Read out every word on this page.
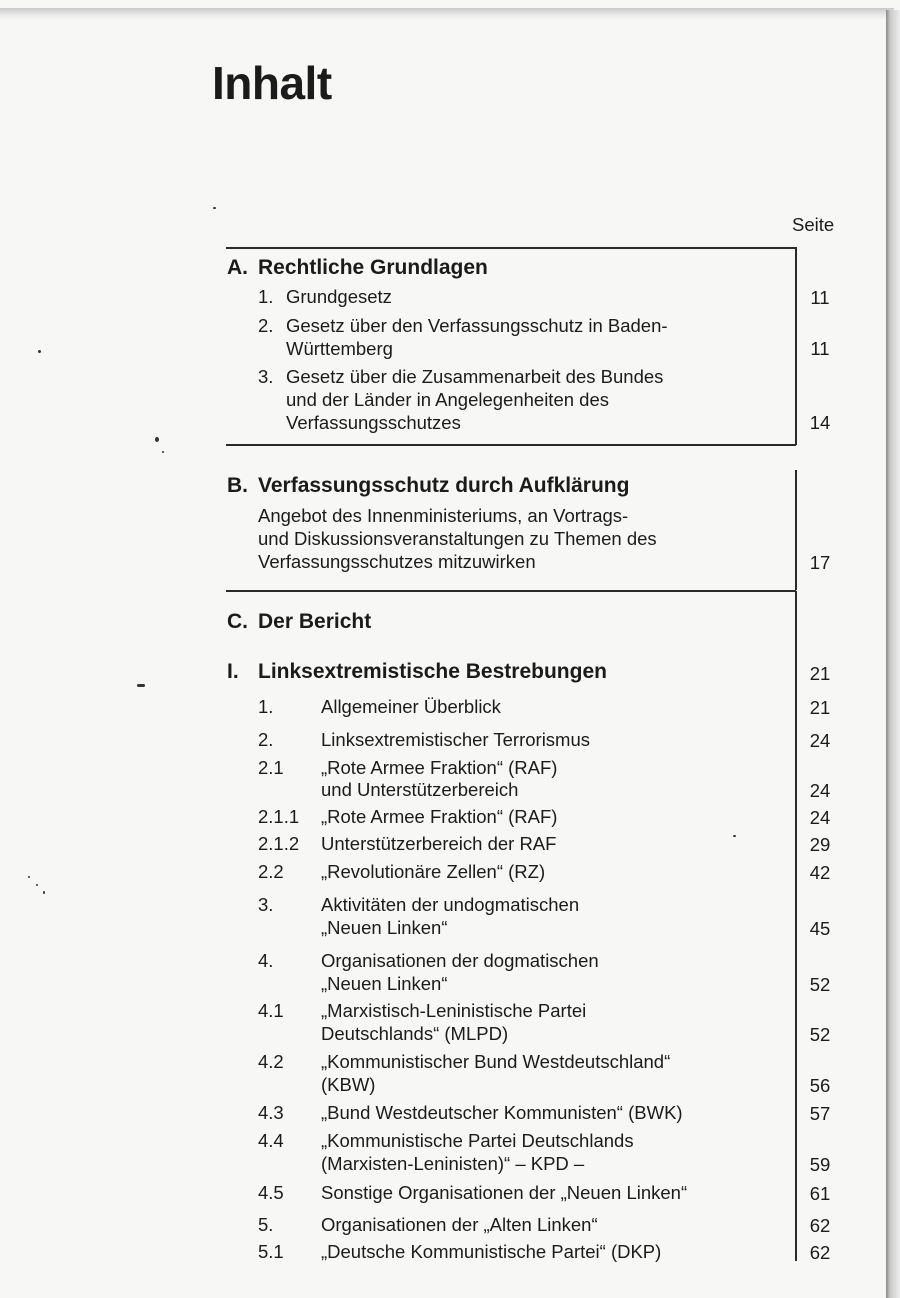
Inhalt
Seite
A. Rechtliche Grundlagen
1. Grundgesetz	11
2. Gesetz über den Verfassungsschutz in Baden-
Württemberg	11
3. Gesetz über die Zusammenarbeit des Bundes
und der Länder in Angelegenheiten des
Verfassungsschutzes	14
B. Verfassungsschutz durch Aufklärung
Angebot des Innenministeriums, an Vortrags-
und Diskussionsveranstaltungen zu Themen des
Verfassungsschutzes mitzuwirken	17
C. Der Bericht
I. Linksextremistische Bestrebungen	21
1.	Allgemeiner Überblick	21
2.	Linksextremistischer Terrorismus	24
2.1 „Rote Armee Fraktion“ (RAF)
und Unterstützerbereich	24
2.1.1 „Rote Armee Fraktion“ (RAF)	24
2.1.2 Unterstützerbereich der RAF	29
2.2 „Revolutionäre Zellen“ (RZ)	42
3.	Aktivitäten der undogmatischen
„Neuen Linken“	45
4.	Organisationen der dogmatischen
„Neuen Linken“	52
4.1 „Marxistisch-Leninistische Partei
Deutschlands“ (MLPD)	52
4.2 „Kommunistischer Bund Westdeutschland“
(KBW)	56
4.3 „Bund Westdeutscher Kommunisten“ (BWK)	57
4.4 „Kommunistische Partei Deutschlands
(Marxisten-Leninisten)“ – KPD –	59
4.5 Sonstige Organisationen der „Neuen Linken“	61
5.	Organisationen der „Alten Linken“	62
5.1 „Deutsche Kommunistische Partei“ (DKP)	62
